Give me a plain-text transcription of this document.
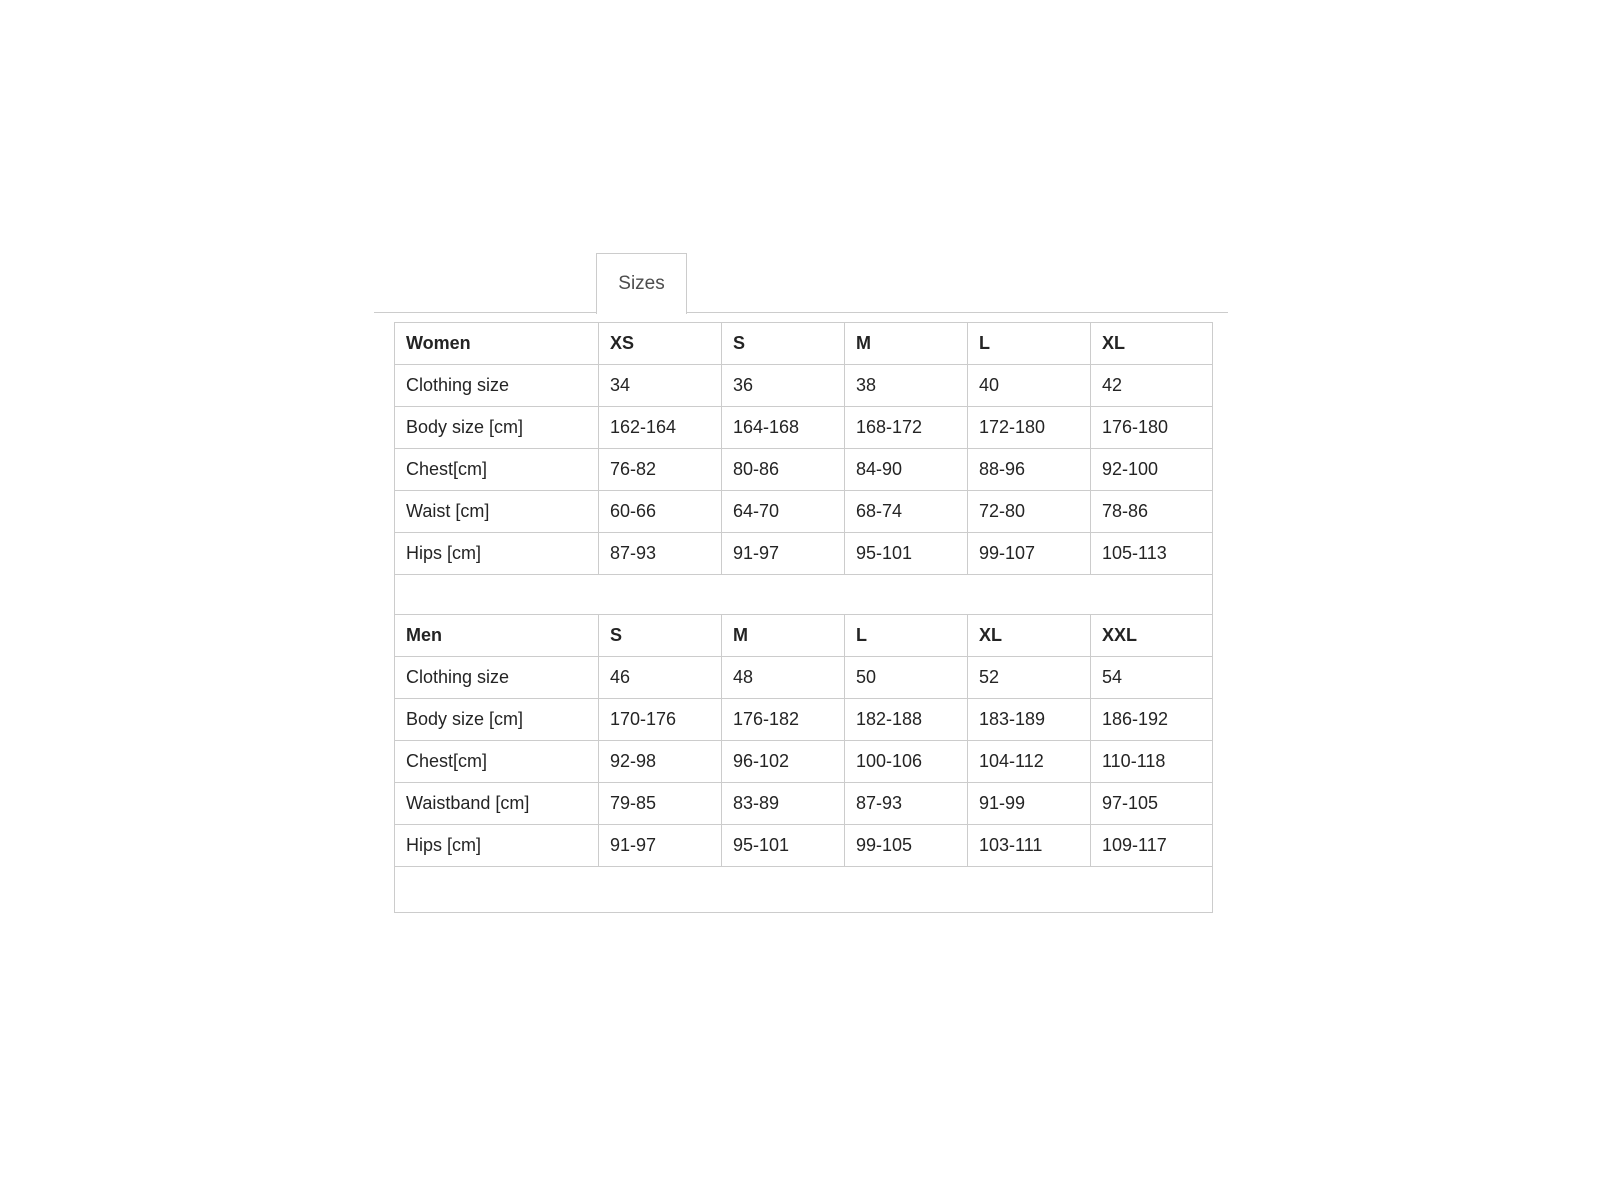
Sizes
Women	XS	S	M	L	XL
Clothing size	34	36	38	40	42
Body size [cm]	162-164	164-168	168-172	172-180	176-180
Chest[cm]	76-82	80-86	84-90	88-96	92-100
Waist [cm]	60-66	64-70	68-74	72-80	78-86
Hips [cm]	87-93	91-97	95-101	99-107	105-113

Men	S	M	L	XL	XXL
Clothing size	46	48	50	52	54
Body size [cm]	170-176	176-182	182-188	183-189	186-192
Chest[cm]	92-98	96-102	100-106	104-112	110-118
Waistband [cm]	79-85	83-89	87-93	91-99	97-105
Hips [cm]	91-97	95-101	99-105	103-111	109-117
